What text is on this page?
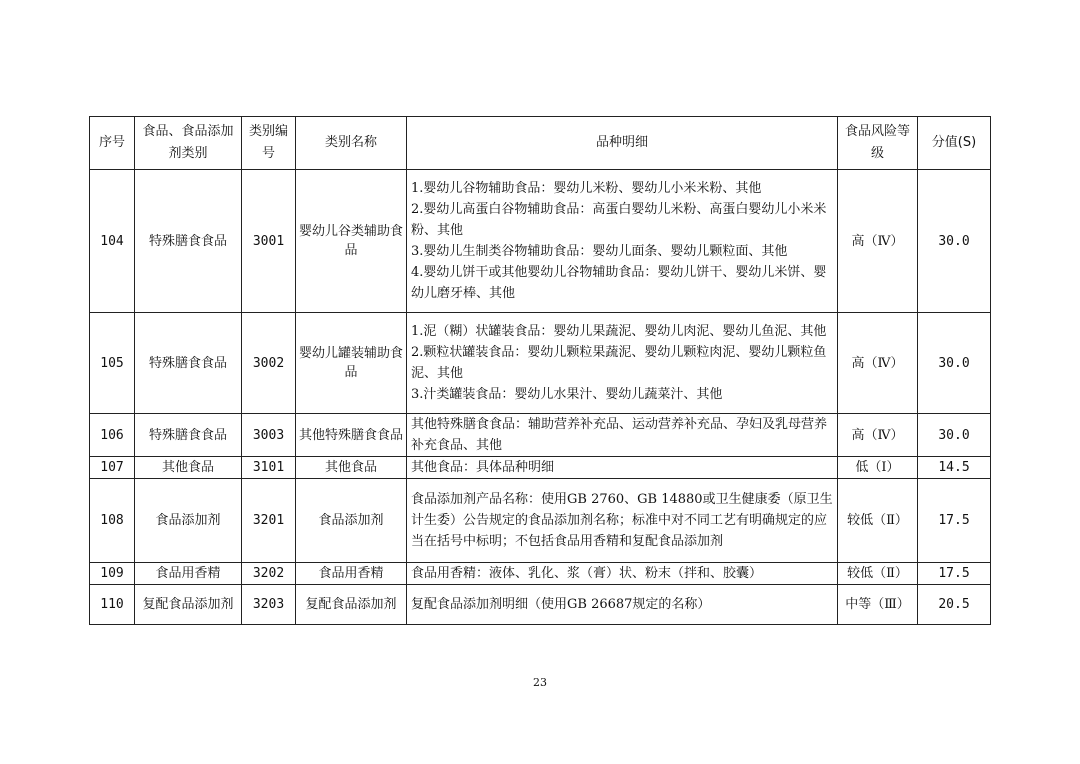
序号	食品、食品添加剂类别	类别编号	类别名称	品种明细	食品风险等级	分值(S)
104	特殊膳食食品	3001	婴幼儿谷类辅助食品	1.婴幼儿谷物辅助食品：婴幼儿米粉、婴幼儿小米米粉、其他
2.婴幼儿高蛋白谷物辅助食品：高蛋白婴幼儿米粉、高蛋白婴幼儿小米米粉、其他
3.婴幼儿生制类谷物辅助食品：婴幼儿面条、婴幼儿颗粒面、其他
4.婴幼儿饼干或其他婴幼儿谷物辅助食品：婴幼儿饼干、婴幼儿米饼、婴幼儿磨牙棒、其他	高（Ⅳ）	30.0
105	特殊膳食食品	3002	婴幼儿罐装辅助食品	1.泥（糊）状罐装食品：婴幼儿果蔬泥、婴幼儿肉泥、婴幼儿鱼泥、其他
2.颗粒状罐装食品：婴幼儿颗粒果蔬泥、婴幼儿颗粒肉泥、婴幼儿颗粒鱼泥、其他
3.汁类罐装食品：婴幼儿水果汁、婴幼儿蔬菜汁、其他	高（Ⅳ）	30.0
106	特殊膳食食品	3003	其他特殊膳食食品	其他特殊膳食食品：辅助营养补充品、运动营养补充品、孕妇及乳母营养补充食品、其他	高（Ⅳ）	30.0
107	其他食品	3101	其他食品	其他食品：具体品种明细	低（Ⅰ）	14.5
108	食品添加剂	3201	食品添加剂	食品添加剂产品名称：使用GB 2760、GB 14880或卫生健康委（原卫生计生委）公告规定的食品添加剂名称；标准中对不同工艺有明确规定的应当在括号中标明；不包括食品用香精和复配食品添加剂	较低（Ⅱ）	17.5
109	食品用香精	3202	食品用香精	食品用香精：液体、乳化、浆（膏）状、粉末（拌和、胶囊）	较低（Ⅱ）	17.5
110	复配食品添加剂	3203	复配食品添加剂	复配食品添加剂明细（使用GB 26687规定的名称）	中等（Ⅲ）	20.5
23
